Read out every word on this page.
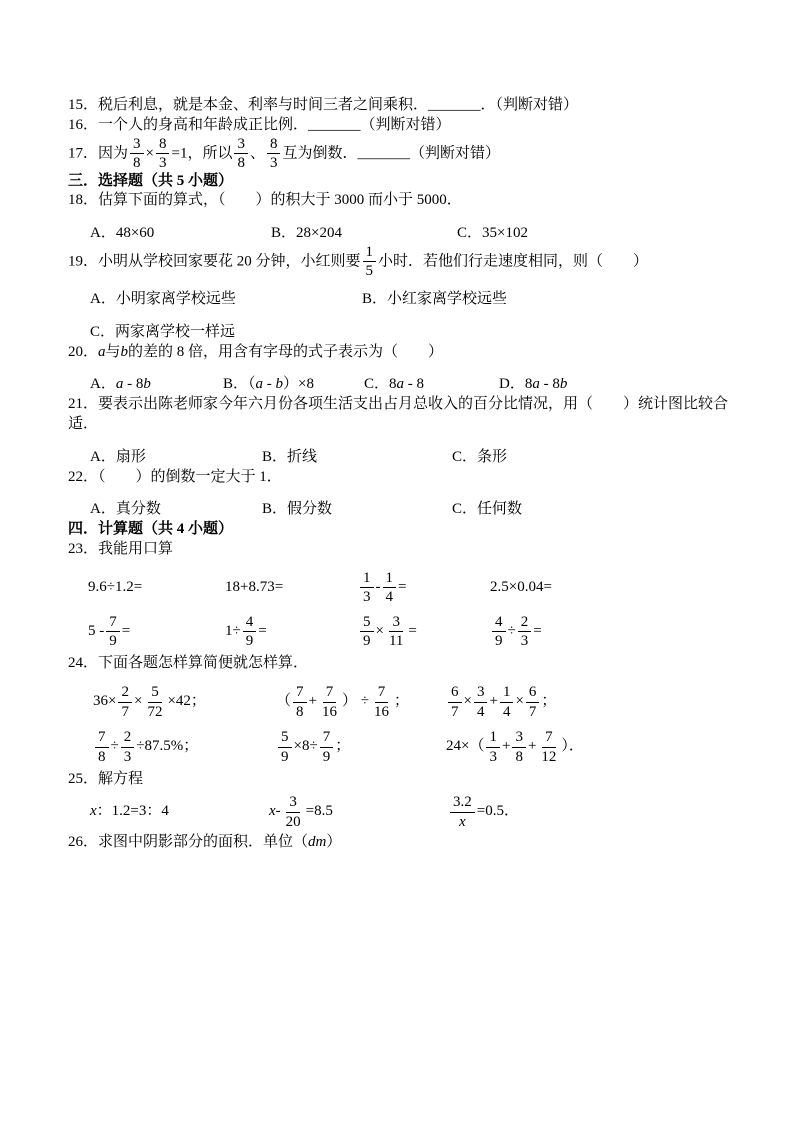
15．税后利息，就是本金、利率与时间三者之间乘积．_______．（判断对错）

16．一个人的身高和年龄成正比例．_______（判断对错）

17．因为 $\frac{3}{8} \times \frac{8}{3} =1$，所以 $\frac{3}{8}$ 、 $\frac{8}{3}$ 互为倒数．_______（判断对错）

三．选择题（共 5 小题）

18．估算下面的算式，（　　）的积大于 3000 而小于 5000．

A．48×60	B．28×204	C．35×102

19．小明从学校回家要花 20 分钟，小红则要 $\frac{1}{5}$ 小时．若他们行走速度相同，则（　　）

A．小明家离学校远些	B．小红家离学校远些
C．两家离学校一样远

20．a与b的差的 8 倍，用含有字母的式子表示为（　　）

A．a - 8b	B．（a - b）×8	C．8a - 8	D．8a - 8b

21．要表示出陈老师家今年六月份各项生活支出占月总收入的百分比情况，用（　　）统计图比较合适．

A．扇形	B．折线	C．条形

22．（　　）的倒数一定大于 1．

A．真分数	B．假分数	C．任何数

四．计算题（共 4 小题）

23．我能用口算

9.6÷1.2=	18+8.73=	$\frac{1}{3} - \frac{1}{4}$ =	2.5×0.04=
$5 - \frac{7}{9}$ =	$1\div \frac{4}{9}$ =	$\frac{5}{9} \times \frac{3}{11}$ =	$\frac{4}{9} \div \frac{2}{3}$ =

24．下面各题怎样算简便就怎样算．

$36\times \frac{2}{7} \times \frac{5}{72} \times 42$；	（ $\frac{7}{8} + \frac{7}{16}$ ） ÷ $\frac{7}{16}$ ；	$\frac{6}{7} \times \frac{3}{4} + \frac{1}{4} \times \frac{6}{7}$ ；
$\frac{7}{8} \div \frac{2}{3} \div 87.5\%$；	$\frac{5}{9} \times 8\div \frac{7}{9}$ ；	$24\times( \frac{1}{3} + \frac{3}{8} + \frac{7}{12}$ ）．

25．解方程

x ：1.2=3：4	$x - \frac{3}{20} =8.5$	$\frac{3.2}{x} =0.5$．

26．求图中阴影部分的面积．单位（dm）
